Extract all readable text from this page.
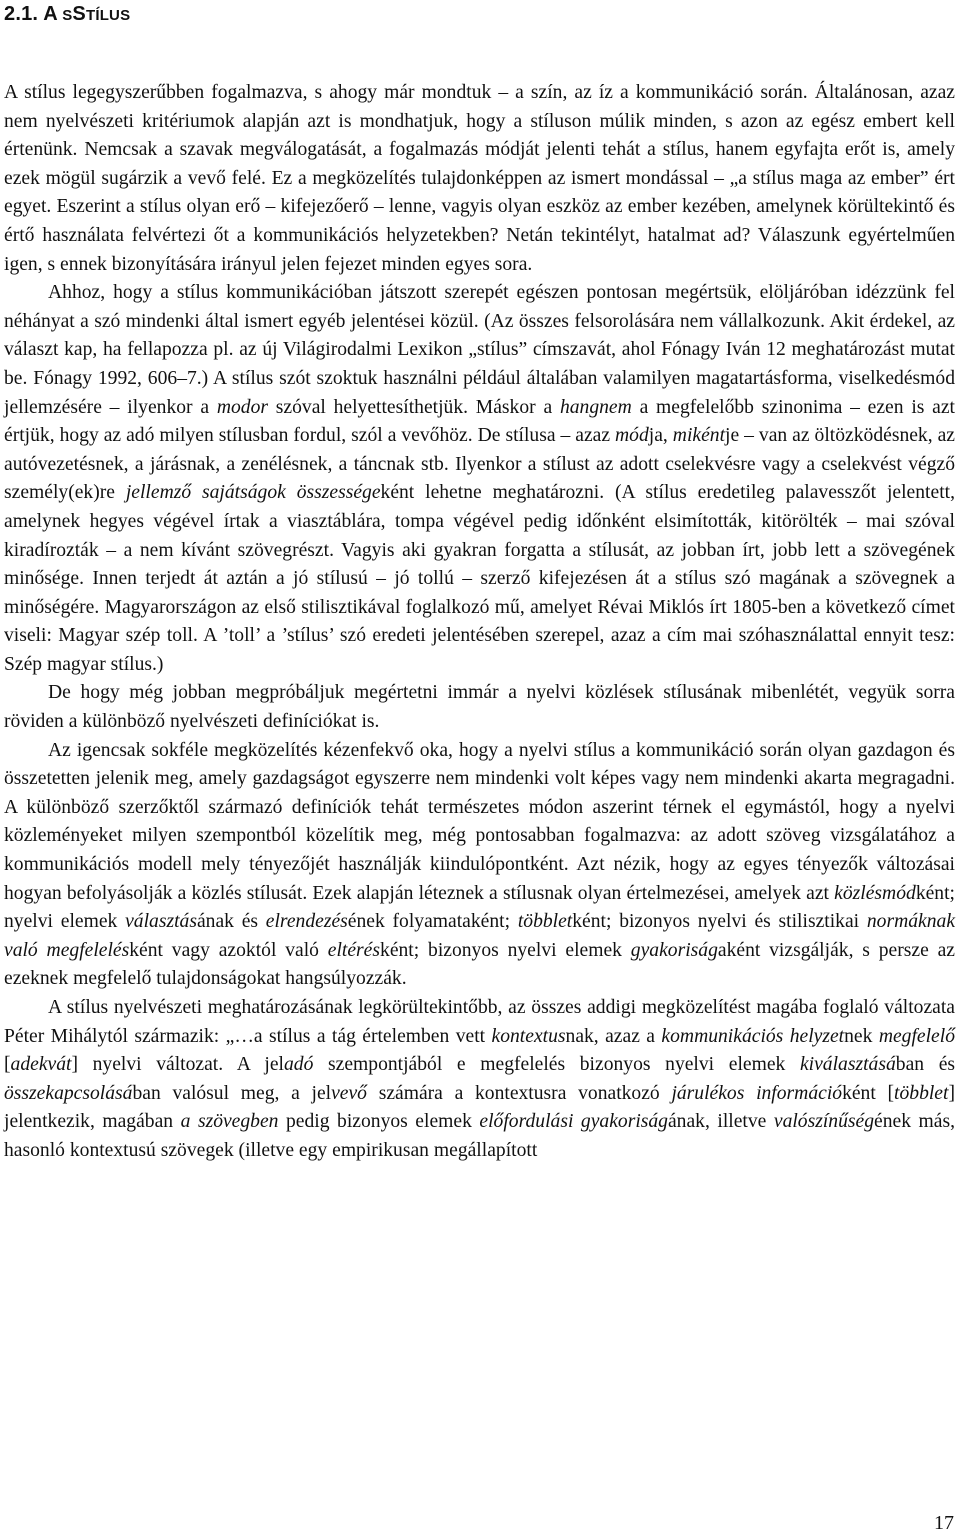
2.1. A SSTÍLUS

A stílus legegyszerűbben fogalmazva, s ahogy már mondtuk – a szín, az íz a kommunikáció során. Általánosan, azaz nem nyelvészeti kritériumok alapján azt is mondhatjuk, hogy a stíluson múlik minden, s azon az egész embert kell értenünk. Nemcsak a szavak megválogatását, a fogalmazás módját jelenti tehát a stílus, hanem egyfajta erőt is, amely ezek mögül sugárzik a vevő felé. Ez a megközelítés tulajdonképpen az ismert mondással – „a stílus maga az ember” ért egyet. Eszerint a stílus olyan erő – kifejezőerő – lenne, vagyis olyan eszköz az ember kezében, amelynek körültekintő és értő használata felvértezi őt a kommunikációs helyzetekben? Netán tekintélyt, hatalmat ad? Válaszunk egyértelműen igen, s ennek bizonyítására irányul jelen fejezet minden egyes sora.

Ahhoz, hogy a stílus kommunikációban játszott szerepét egészen pontosan megértsük, elöljáróban idézzünk fel néhányat a szó mindenki által ismert egyéb jelentései közül. (Az összes felsorolására nem vállalkozunk. Akit érdekel, az választ kap, ha fellapozza pl. az új Világirodalmi Lexikon „stílus” címszavát, ahol Fónagy Iván 12 meghatározást mutat be. Fónagy 1992, 606–7.) A stílus szót szoktuk használni például általában valamilyen magatartásforma, viselkedésmód jellemzésére – ilyenkor a modor szóval helyettesíthetjük. Máskor a hangnem a megfelelőbb szinonima – ezen is azt értjük, hogy az adó milyen stílusban fordul, szól a vevőhöz. De stílusa – azaz módja, mikéntje – van az öltözködésnek, az autóvezetésnek, a járásnak, a zenélésnek, a táncnak stb. Ilyenkor a stílust az adott cselekvésre vagy a cselekvést végző személy(ek)re jellemző sajátságok összességeként lehetne meghatározni. (A stílus eredetileg palavesszőt jelentett, amelynek hegyes végével írtak a viasztáblára, tompa végével pedig időnként elsimították, kitörölték – mai szóval kiradírozták – a nem kívánt szövegrészt. Vagyis aki gyakran forgatta a stílusát, az jobban írt, jobb lett a szövegének minősége. Innen terjedt át aztán a jó stílusú – jó tollú – szerző kifejezésen át a stílus szó magának a szövegnek a minőségére. Magyarországon az első stilisztikával foglalkozó mű, amelyet Révai Miklós írt 1805-ben a következő címet viseli: Magyar szép toll. A ’toll’ a ’stílus’ szó eredeti jelentésében szerepel, azaz a cím mai szóhasználattal ennyit tesz: Szép magyar stílus.)

De hogy még jobban megpróbáljuk megértetni immár a nyelvi közlések stílusának mibenlétét, vegyük sorra röviden a különböző nyelvészeti definíciókat is.

Az igencsak sokféle megközelítés kézenfekvő oka, hogy a nyelvi stílus a kommunikáció során olyan gazdagon és összetetten jelenik meg, amely gazdagságot egyszerre nem mindenki volt képes vagy nem mindenki akarta megragadni. A különböző szerzőktől származó definíciók tehát természetes módon aszerint térnek el egymástól, hogy a nyelvi közleményeket milyen szempontból közelítik meg, még pontosabban fogalmazva: az adott szöveg vizsgálatához a kommunikációs modell mely tényezőjét használják kiindulópontként. Azt nézik, hogy az egyes tényezők változásai hogyan befolyásolják a közlés stílusát. Ezek alapján léteznek a stílusnak olyan értelmezései, amelyek azt közlésmódként; nyelvi elemek választásának és elrendezésének folyamataként; többletként; bizonyos nyelvi és stilisztikai normáknak való megfelelésként vagy azoktól való eltérésként; bizonyos nyelvi elemek gyakoriságaként vizsgálják, s persze az ezeknek megfelelő tulajdonságokat hangsúlyozzák.

A stílus nyelvészeti meghatározásának legkörültekintőbb, az összes addigi megközelítést magába foglaló változata Péter Mihálytól származik: „…a stílus a tág értelemben vett kontextusnak, azaz a kommunikációs helyzetnek megfelelő [adekvát] nyelvi változat. A jeladó szempontjából e megfelelés bizonyos nyelvi elemek kiválasztásában és összekapcsolásában valósul meg, a jelvevő számára a kontextusra vonatkozó járulékos információként [többlet] jelentkezik, magában a szövegben pedig bizonyos elemek előfordulási gyakoriságának, illetve valószínűségének más, hasonló kontextusú szövegek (illetve egy empirikusan megállapított

17
